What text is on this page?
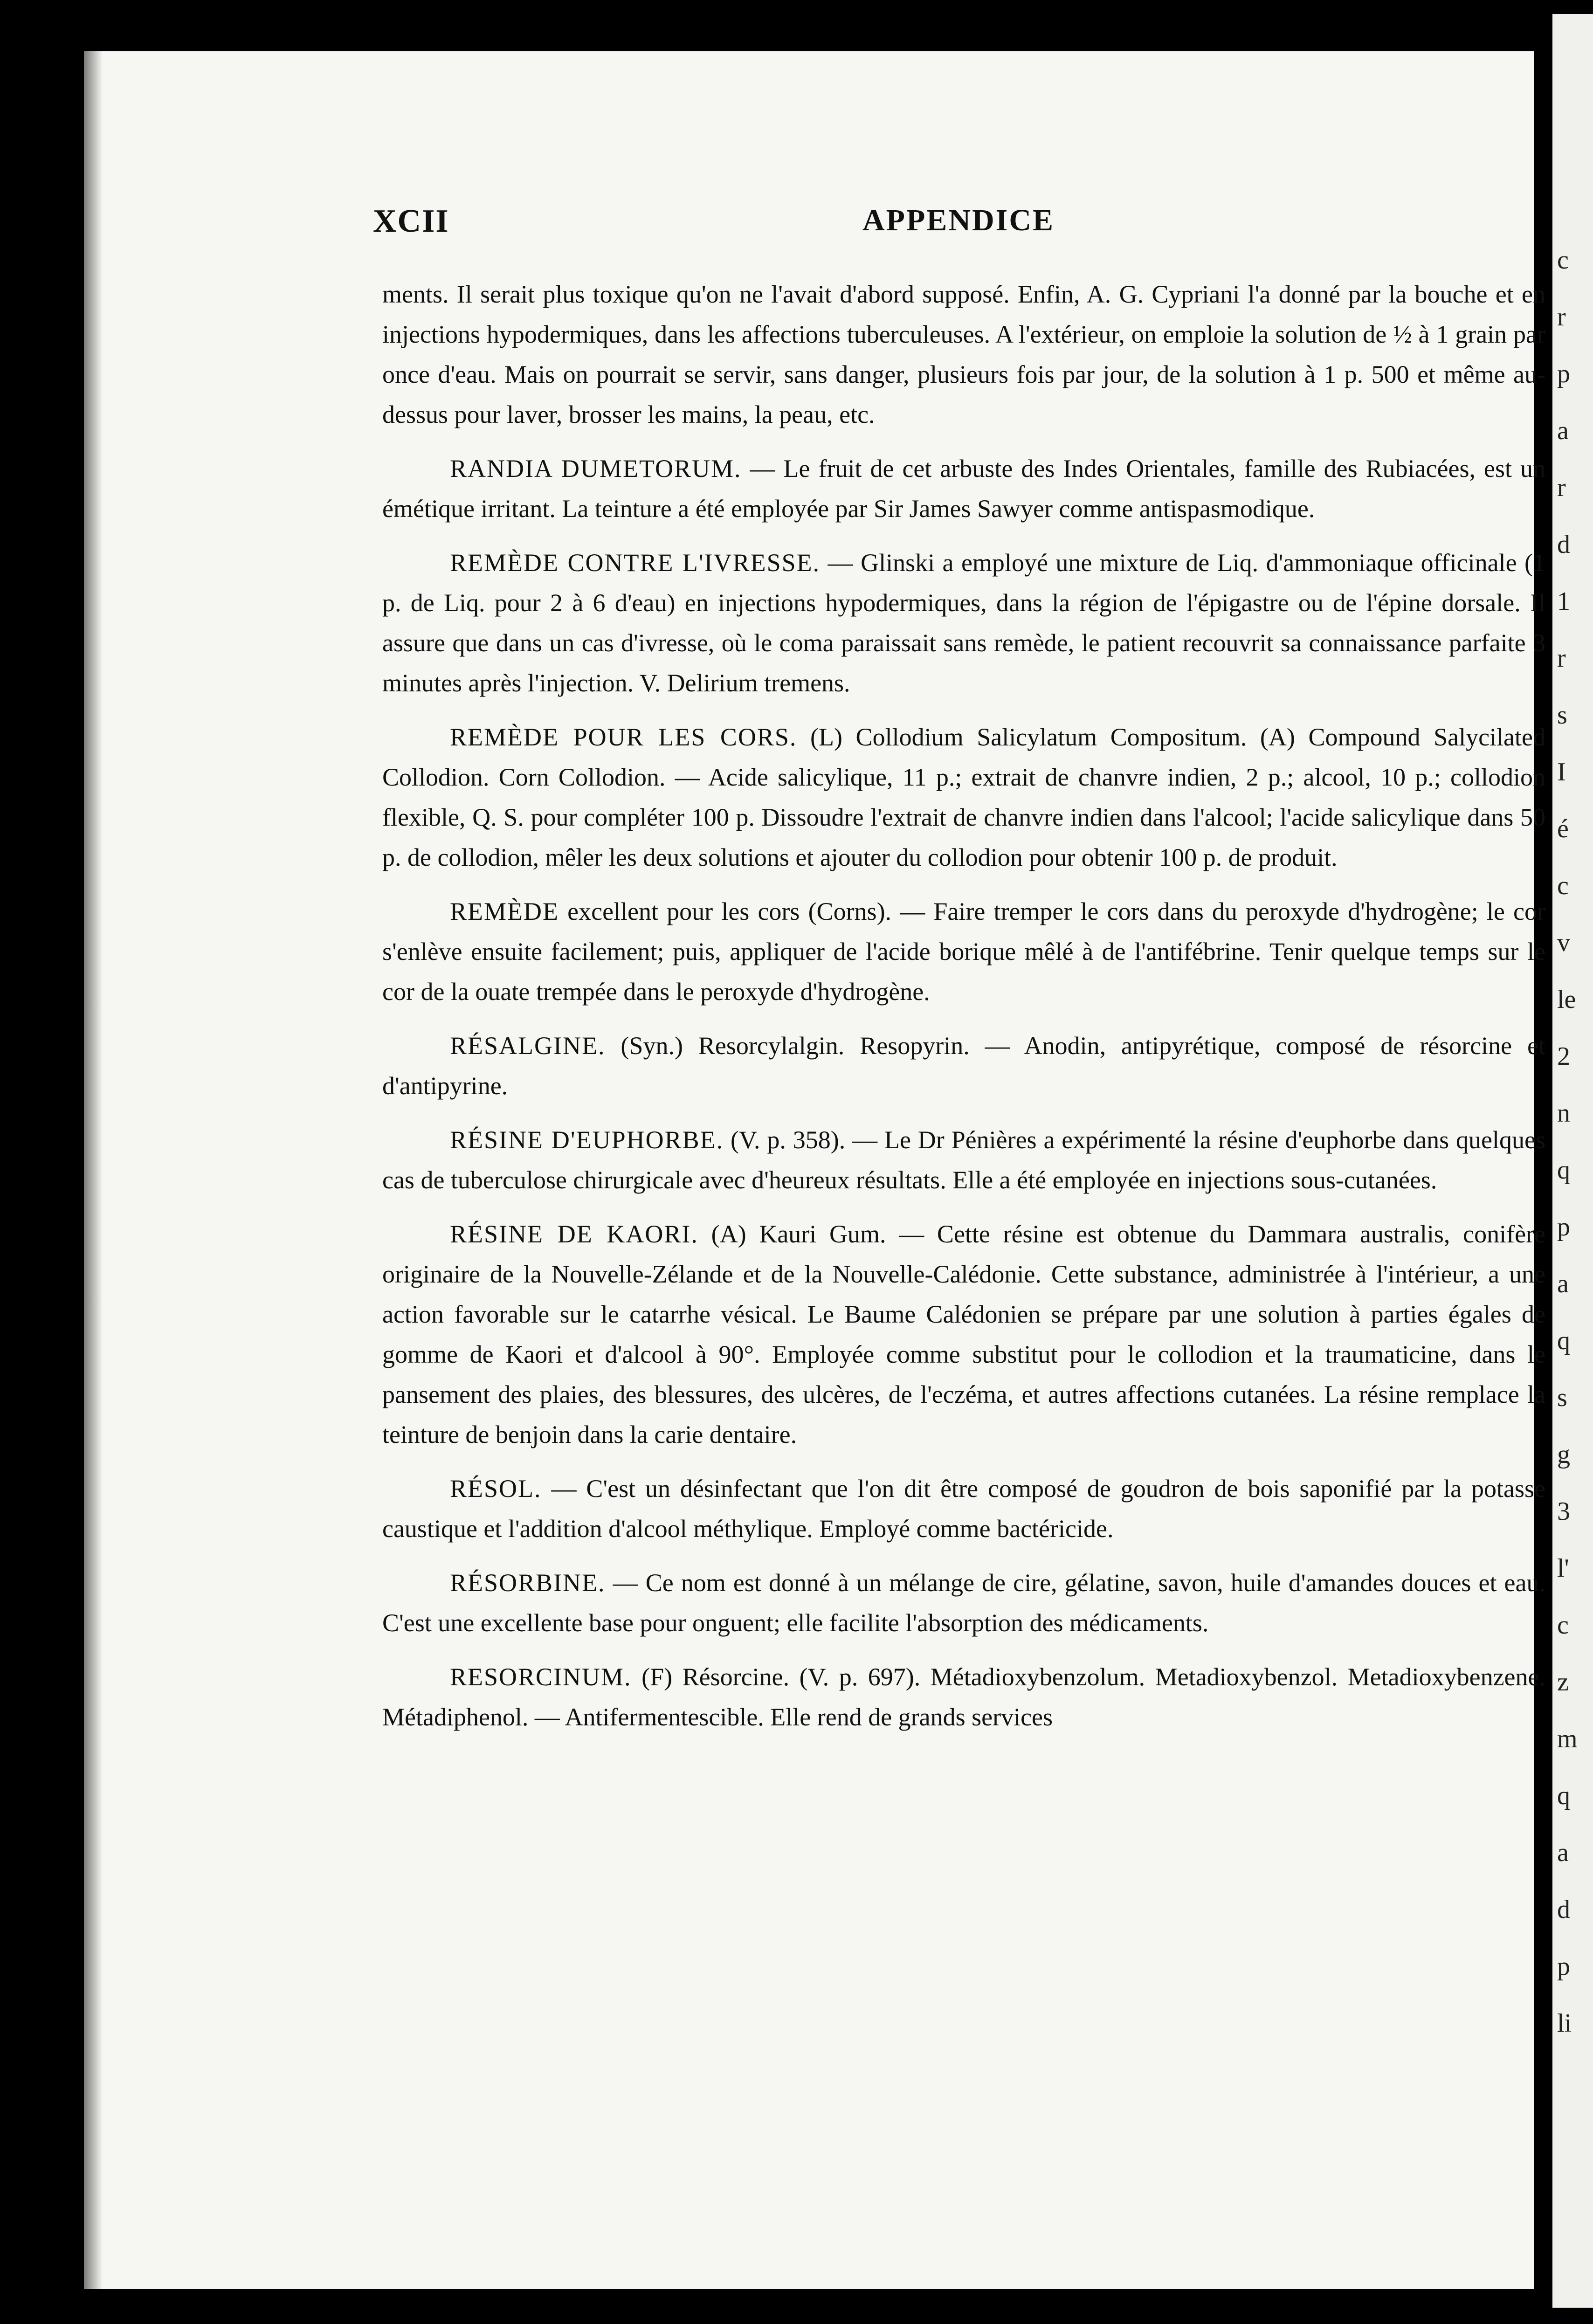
XCII	APPENDICE

ments. Il serait plus toxique qu'on ne l'avait d'abord supposé. Enfin, A. G. Cypriani l'a donné par la bouche et en injections hypodermiques, dans les affections tuberculeuses. A l'extérieur, on emploie la solution de ½ à 1 grain par once d'eau. Mais on pourrait se servir, sans danger, plusieurs fois par jour, de la solution à 1 p. 500 et même au-dessus pour laver, brosser les mains, la peau, etc.

RANDIA DUMETORUM. — Le fruit de cet arbuste des Indes Orientales, famille des Rubiacées, est un émétique irritant. La teinture a été employée par Sir James Sawyer comme antispasmodique.

REMÈDE CONTRE L'IVRESSE. — Glinski a employé une mixture de Liq. d'ammoniaque officinale (1 p. de Liq. pour 2 à 6 d'eau) en injections hypodermiques, dans la région de l'épigastre ou de l'épine dorsale. Il assure que dans un cas d'ivresse, où le coma paraissait sans remède, le patient recouvrit sa connaissance parfaite 3 minutes après l'injection. V. Delirium tremens.

REMÈDE POUR LES CORS. (L) Collodium Salicylatum Compositum. (A) Compound Salycilated Collodion. Corn Collodion. — Acide salicylique, 11 p.; extrait de chanvre indien, 2 p.; alcool, 10 p.; collodion flexible, Q. S. pour compléter 100 p. Dissoudre l'extrait de chanvre indien dans l'alcool; l'acide salicylique dans 50 p. de collodion, mêler les deux solutions et ajouter du collodion pour obtenir 100 p. de produit.

REMÈDE excellent pour les cors (Corns). — Faire tremper le cors dans du peroxyde d'hydrogène; le cor s'enlève ensuite facilement; puis, appliquer de l'acide borique mêlé à de l'antifébrine. Tenir quelque temps sur le cor de la ouate trempée dans le peroxyde d'hydrogène.

RÉSALGINE. (Syn.) Resorcylalgin. Resopyrin. — Anodin, antipyrétique, composé de résorcine et d'antipyrine.

RÉSINE D'EUPHORBE. (V. p. 358). — Le Dr Pénières a expérimenté la résine d'euphorbe dans quelques cas de tuberculose chirurgicale avec d'heureux résultats. Elle a été employée en injections sous-cutanées.

RÉSINE DE KAORI. (A) Kauri Gum. — Cette résine est obtenue du Dammara australis, conifère originaire de la Nouvelle-Zélande et de la Nouvelle-Calédonie. Cette substance, administrée à l'intérieur, a une action favorable sur le catarrhe vésical. Le Baume Calédonien se prépare par une solution à parties égales de gomme de Kaori et d'alcool à 90°. Employée comme substitut pour le collodion et la traumaticine, dans le pansement des plaies, des blessures, des ulcères, de l'eczéma, et autres affections cutanées. La résine remplace la teinture de benjoin dans la carie dentaire.

RÉSOL. — C'est un désinfectant que l'on dit être composé de goudron de bois saponifié par la potasse caustique et l'addition d'alcool méthylique. Employé comme bactéricide.

RÉSORBINE. — Ce nom est donné à un mélange de cire, gélatine, savon, huile d'amandes douces et eau. C'est une excellente base pour onguent; elle facilite l'absorption des médicaments.

RESORCINUM. (F) Résorcine. (V. p. 697). Métadioxybenzolum. Metadioxybenzol. Metadioxybenzene. Métadiphenol. — Antifermentescible. Elle rend de grands services

c
r
p
a
r
d
1
r
s
I
é
c
v
le
2
n
q
p
a
q
s
g
3
l'
c
z
m
q
a
d
p
li
